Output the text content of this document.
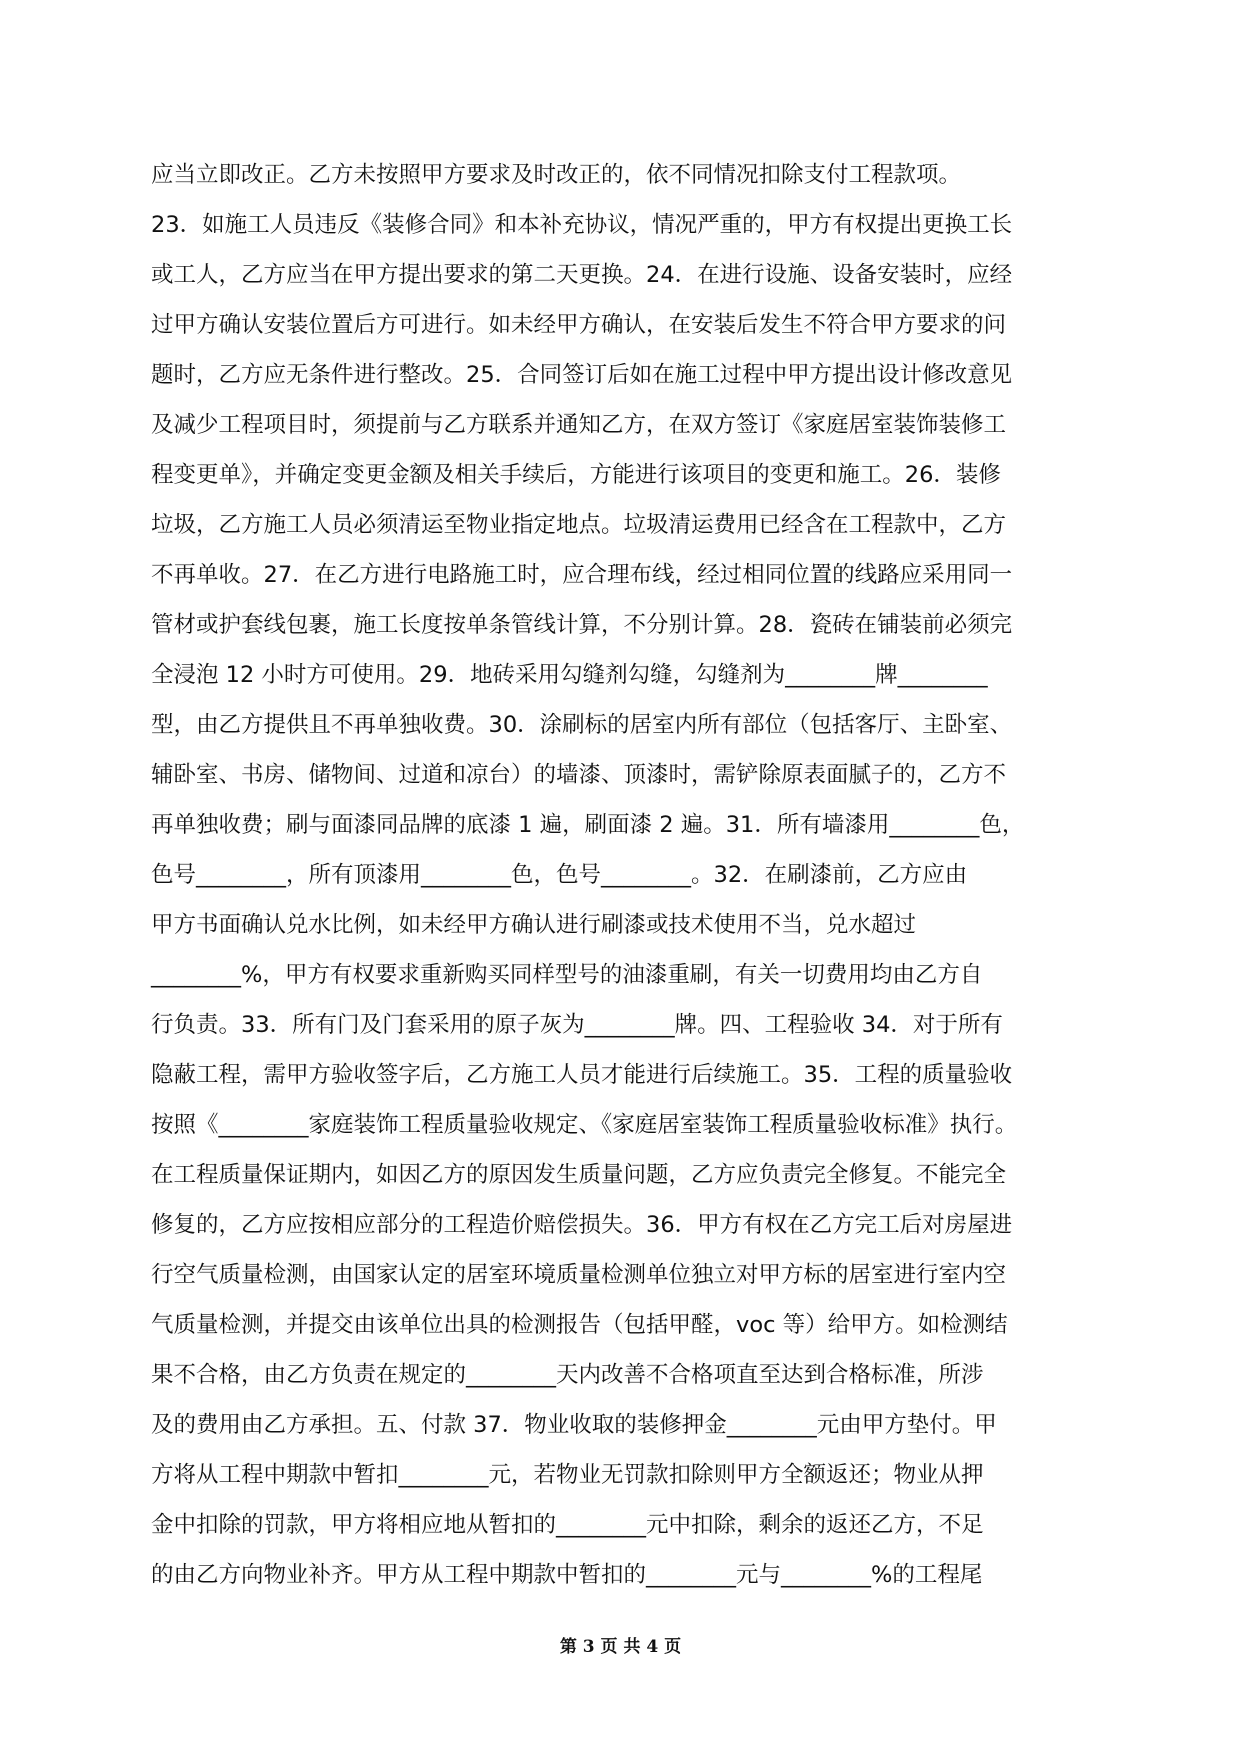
应当立即改正。乙方未按照甲方要求及时改正的，依不同情况扣除支付工程款项。
23．如施工人员违反《装修合同》和本补充协议，情况严重的，甲方有权提出更换工长
或工人，乙方应当在甲方提出要求的第二天更换。24．在进行设施、设备安装时，应经
过甲方确认安装位置后方可进行。如未经甲方确认，在安装后发生不符合甲方要求的问
题时，乙方应无条件进行整改。25．合同签订后如在施工过程中甲方提出设计修改意见
及减少工程项目时，须提前与乙方联系并通知乙方，在双方签订《家庭居室装饰装修工
程变更单》，并确定变更金额及相关手续后，方能进行该项目的变更和施工。26．装修
垃圾，乙方施工人员必须清运至物业指定地点。垃圾清运费用已经含在工程款中，乙方
不再单收。27．在乙方进行电路施工时，应合理布线，经过相同位置的线路应采用同一
管材或护套线包裹，施工长度按单条管线计算，不分别计算。28．瓷砖在铺装前必须完
全浸泡 12 小时方可使用。29．地砖采用勾缝剂勾缝，勾缝剂为________牌________
型，由乙方提供且不再单独收费。30．涂刷标的居室内所有部位（包括客厅、主卧室、
辅卧室、书房、储物间、过道和凉台）的墙漆、顶漆时，需铲除原表面腻子的，乙方不
再单独收费；刷与面漆同品牌的底漆 1 遍，刷面漆 2 遍。31．所有墙漆用________色，
色号________，所有顶漆用________色，色号________。32．在刷漆前，乙方应由
甲方书面确认兑水比例，如未经甲方确认进行刷漆或技术使用不当，兑水超过
________%，甲方有权要求重新购买同样型号的油漆重刷，有关一切费用均由乙方自
行负责。33．所有门及门套采用的原子灰为________牌。四、工程验收 34．对于所有
隐蔽工程，需甲方验收签字后，乙方施工人员才能进行后续施工。35．工程的质量验收
按照《________家庭装饰工程质量验收规定、《家庭居室装饰工程质量验收标准》执行。
在工程质量保证期内，如因乙方的原因发生质量问题，乙方应负责完全修复。不能完全
修复的，乙方应按相应部分的工程造价赔偿损失。36．甲方有权在乙方完工后对房屋进
行空气质量检测，由国家认定的居室环境质量检测单位独立对甲方标的居室进行室内空
气质量检测，并提交由该单位出具的检测报告（包括甲醛，voc 等）给甲方。如检测结
果不合格，由乙方负责在规定的________天内改善不合格项直至达到合格标准，所涉
及的费用由乙方承担。五、付款 37．物业收取的装修押金________元由甲方垫付。甲
方将从工程中期款中暂扣________元，若物业无罚款扣除则甲方全额返还；物业从押
金中扣除的罚款，甲方将相应地从暂扣的________元中扣除，剩余的返还乙方，不足
的由乙方向物业补齐。甲方从工程中期款中暂扣的________元与________%的工程尾
第 3 页 共 4 页
